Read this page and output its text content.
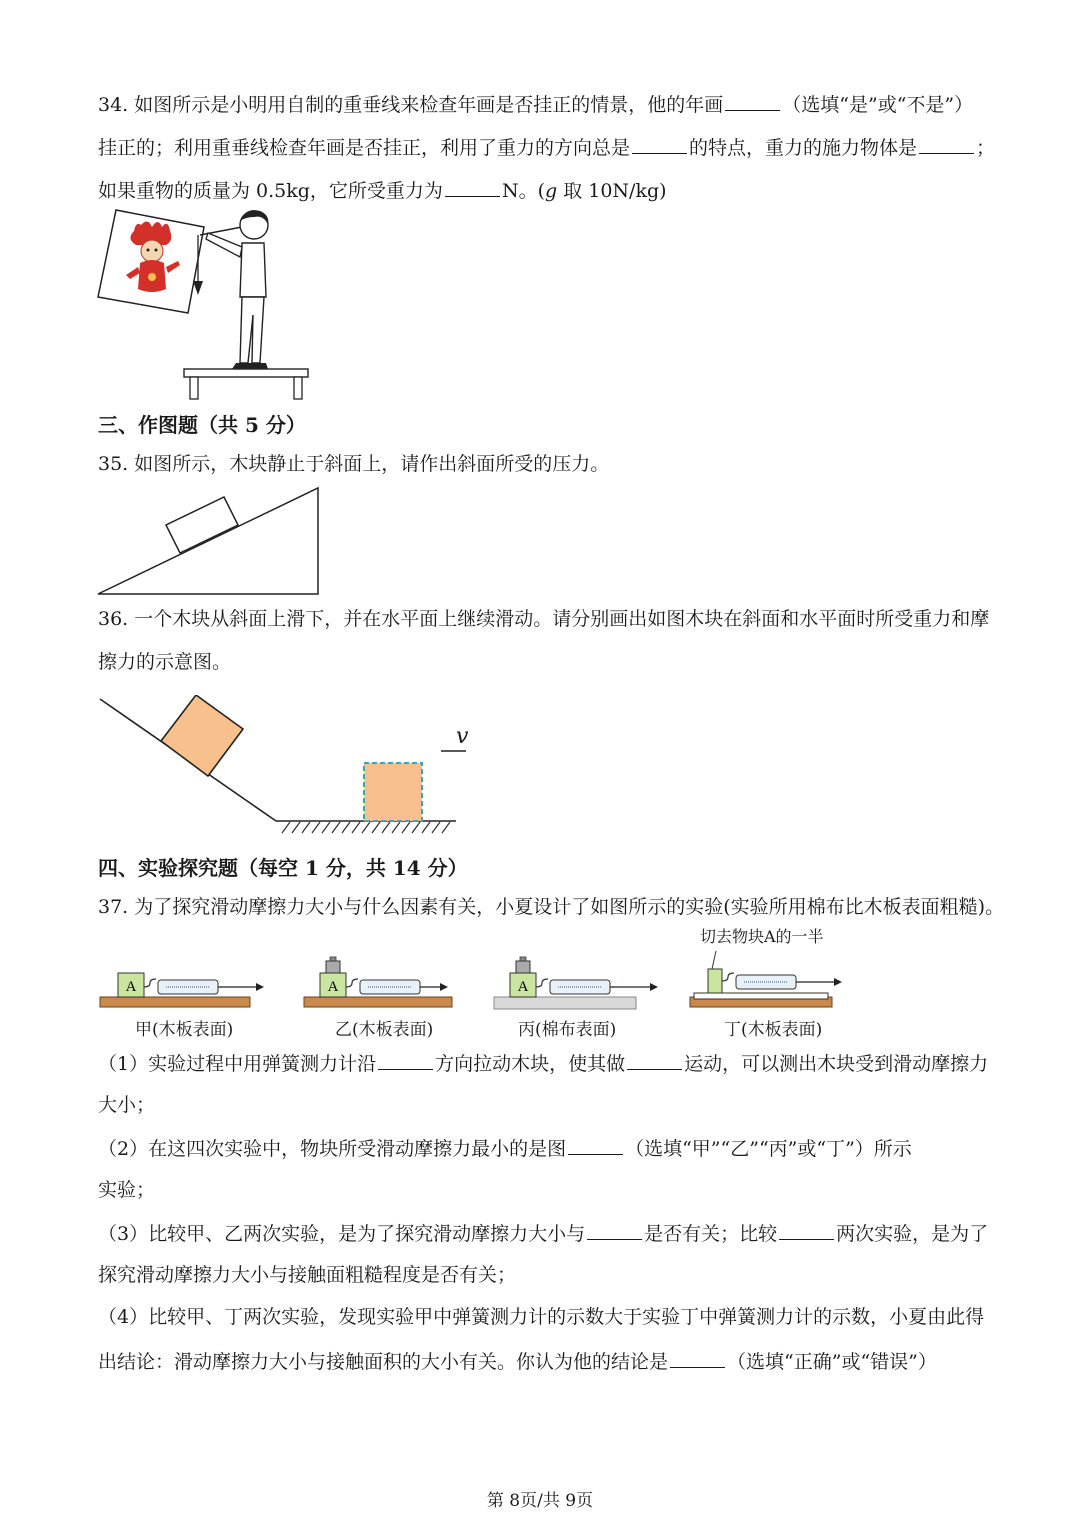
34. 如图所示是小明用自制的重垂线来检查年画是否挂正的情景，他的年画	（选填“是”或“不是”）
挂正的；利用重垂线检查年画是否挂正，利用了重力的方向总是	的特点，重力的施力物体是	；
如果重物的质量为 0.5kg，它所受重力为	N。(g 取 10N/kg)
三、作图题（共 5 分）
35. 如图所示，木块静止于斜面上，请作出斜面所受的压力。
36. 一个木块从斜面上滑下，并在水平面上继续滑动。请分别画出如图木块在斜面和水平面时所受重力和摩
擦力的示意图。
v
四、实验探究题（每空 1 分，共 14 分）
37. 为了探究滑动摩擦力大小与什么因素有关，小夏设计了如图所示的实验(实验所用棉布比木板表面粗糙)。
切去物块A的一半
A	A	A
甲(木板表面)	乙(木板表面)	丙(棉布表面)	丁(木板表面)
（1）实验过程中用弹簧测力计沿	方向拉动木块，使其做	运动，可以测出木块受到滑动摩擦力
大小；
（2）在这四次实验中，物块所受滑动摩擦力最小的是图	（选填“甲”“乙”“丙”或“丁”）所示
实验；
（3）比较甲、乙两次实验，是为了探究滑动摩擦力大小与	是否有关；比较	两次实验，是为了
探究滑动摩擦力大小与接触面粗糙程度是否有关；
（4）比较甲、丁两次实验，发现实验甲中弹簧测力计的示数大于实验丁中弹簧测力计的示数，小夏由此得
出结论：滑动摩擦力大小与接触面积的大小有关。你认为他的结论是	（选填“正确”或“错误”）
第 8页/共 9页
